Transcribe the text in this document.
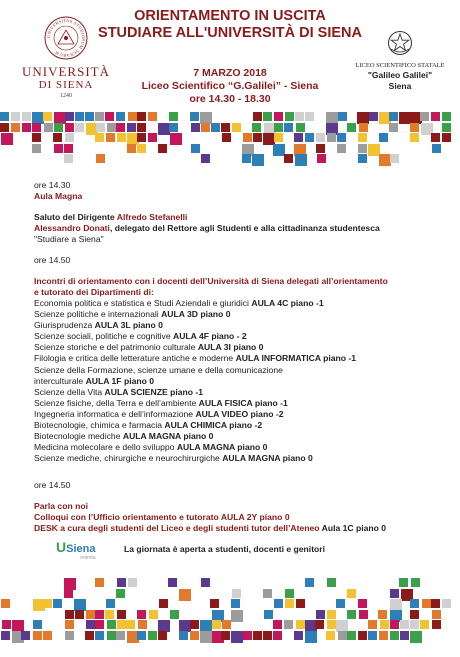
ORIENTAMENTO IN USCITA
STUDIARE ALL'UNIVERSITÀ DI SIENA
7 MARZO 2018
Liceo Scientifico “G.Galilei” - Siena
ore 14.30 - 18.30
UNIVERSITAS STUDIORUM SENARUM
UNIVERSITÀ
DI SIENA
1240
LICEO SCIENTIFICO STATALE
"Galileo Galilei"
Siena
ore 14.30
Aula Magna
Saluto del Dirigente Alfredo Stefanelli
Alessandro Donati, delegato del Rettore agli Studenti e alla cittadinanza studentesca
"Studiare a Siena"
ore 14.50
Incontri di orientamento con i docenti dell’Università di Siena delegati all’orientamento
e tutorato dei Dipartimenti di:
Economia politica e statistica e Studi Aziendali e giuridici AULA 4C piano -1
Scienze politiche e internazionali AULA 3D piano 0
Giurisprudenza AULA 3L piano 0
Scienze sociali, politiche e cognitive AULA 4F piano - 2
Scienze storiche e del patrimonio culturale AULA 3I piano 0
Filologia e critica delle letterature antiche e moderne AULA INFORMATICA piano -1
Scienze della Formazione, scienze umane e della comunicazione
interculturale AULA 1F piano 0
Scienze della Vita AULA SCIENZE piano -1
Scienze fisiche, della Terra e dell’ambiente AULA FISICA piano -1
Ingegneria informatica e dell’informazione AULA VIDEO piano -2
Biotecnologie, chimica e farmacia AULA CHIMICA piano -2
Biotecnologie mediche AULA MAGNA piano 0
Medicina molecolare e dello sviluppo AULA MAGNA piano 0
Scienze mediche, chirurgiche e neurochirurgiche AULA MAGNA piano 0
ore 14.50
Parla con noi
Colloqui con l’Ufficio orientamento e tutorato AULA 2Y piano 0
DESK a cura degli studenti del Liceo e degli studenti tutor dell’Ateneo Aula 1C piano 0
USiena
orienta
La giornata è aperta a studenti, docenti e genitori
